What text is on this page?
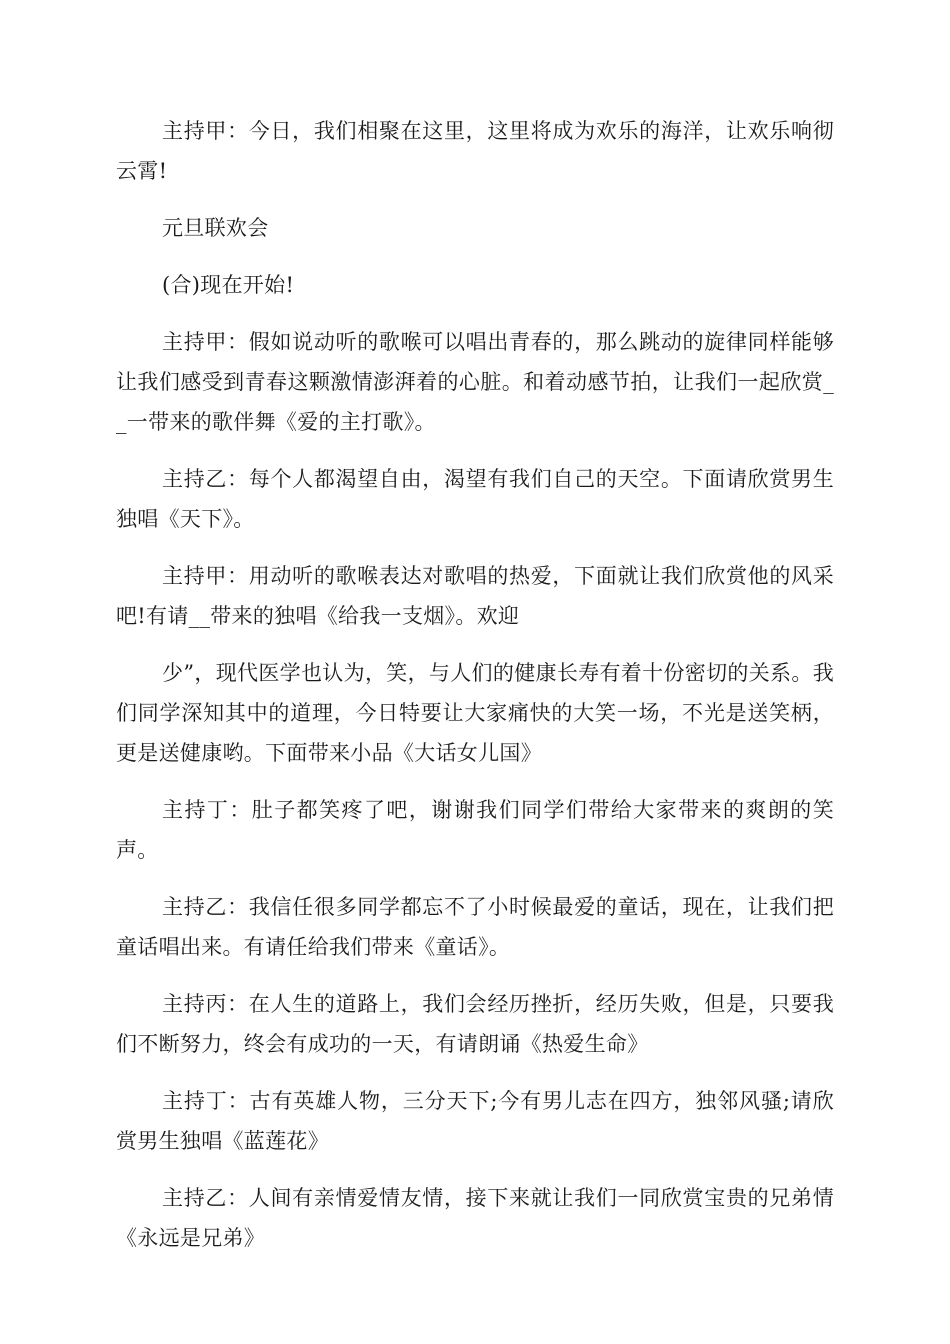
主持甲：今日，我们相聚在这里，这里将成为欢乐的海洋，让欢乐响彻云霄!

元旦联欢会

(合)现在开始!

主持甲：假如说动听的歌喉可以唱出青春的，那么跳动的旋律同样能够让我们感受到青春这颗激情澎湃着的心脏。和着动感节拍，让我们一起欣赏__一带来的歌伴舞《爱的主打歌》。

主持乙：每个人都渴望自由，渴望有我们自己的天空。下面请欣赏男生独唱《天下》。

主持甲：用动听的歌喉表达对歌唱的热爱，下面就让我们欣赏他的风采吧!有请__带来的独唱《给我一支烟》。欢迎

少”，现代医学也认为，笑，与人们的健康长寿有着十份密切的关系。我们同学深知其中的道理，今日特要让大家痛快的大笑一场，不光是送笑柄，更是送健康哟。下面带来小品《大话女儿国》

主持丁：肚子都笑疼了吧，谢谢我们同学们带给大家带来的爽朗的笑声。

主持乙：我信任很多同学都忘不了小时候最爱的童话，现在，让我们把童话唱出来。有请任给我们带来《童话》。

主持丙：在人生的道路上，我们会经历挫折，经历失败，但是，只要我们不断努力，终会有成功的一天，有请朗诵《热爱生命》

主持丁：古有英雄人物，三分天下;今有男儿志在四方，独邻风骚;请欣赏男生独唱《蓝莲花》

主持乙：人间有亲情爱情友情，接下来就让我们一同欣赏宝贵的兄弟情《永远是兄弟》
